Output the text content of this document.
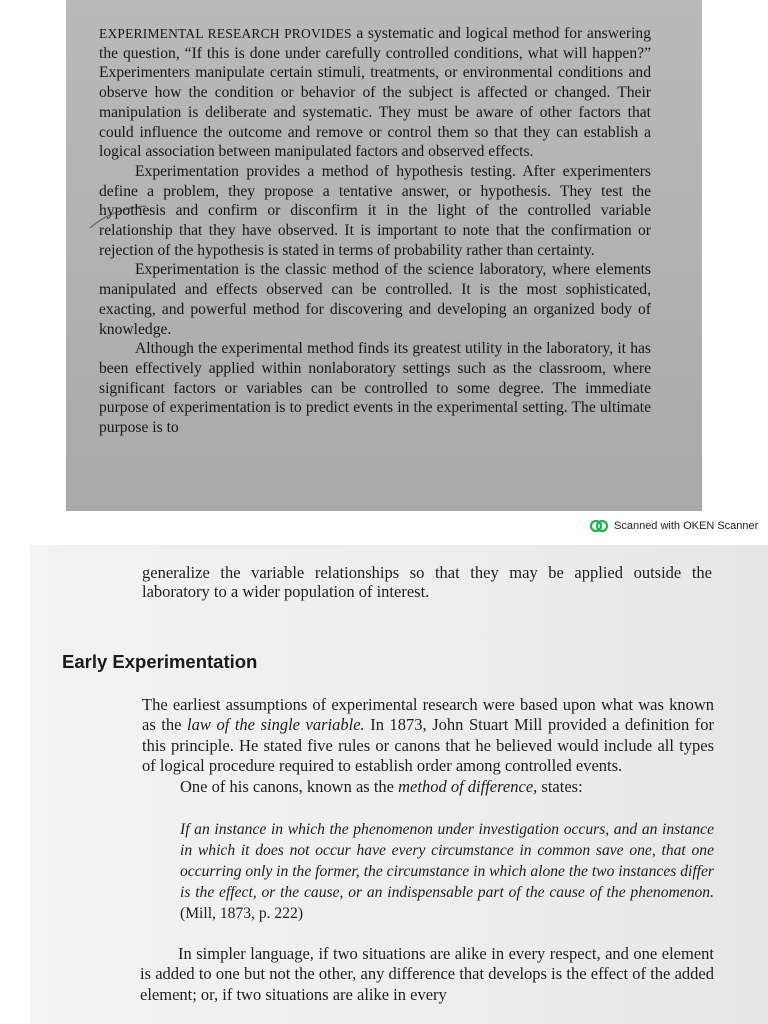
EXPERIMENTAL RESEARCH PROVIDES a systematic and logical method for answering the question, “If this is done under carefully controlled conditions, what will happen?” Experimenters manipulate certain stimuli, treatments, or environmental conditions and observe how the condition or behavior of the subject is affected or changed. Their manipulation is deliberate and systematic. They must be aware of other factors that could influence the outcome and remove or control them so that they can establish a logical association between manipulated factors and observed effects.

Experimentation provides a method of hypothesis testing. After experimenters define a problem, they propose a tentative answer, or hypothesis. They test the hypothesis and confirm or disconfirm it in the light of the controlled variable relationship that they have observed. It is important to note that the confirmation or rejection of the hypothesis is stated in terms of probability rather than certainty.

Experimentation is the classic method of the science laboratory, where elements manipulated and effects observed can be controlled. It is the most sophisticated, exacting, and powerful method for discovering and developing an organized body of knowledge.

Although the experimental method finds its greatest utility in the laboratory, it has been effectively applied within nonlaboratory settings such as the classroom, where significant factors or variables can be controlled to some degree. The immediate purpose of experimentation is to predict events in the experimental setting. The ultimate purpose is to

Scanned with OKEN Scanner

generalize the variable relationships so that they may be applied outside the laboratory to a wider population of interest.

Early Experimentation

The earliest assumptions of experimental research were based upon what was known as the law of the single variable. In 1873, John Stuart Mill provided a definition for this principle. He stated five rules or canons that he believed would include all types of logical procedure required to establish order among controlled events.

One of his canons, known as the method of difference, states:

If an instance in which the phenomenon under investigation occurs, and an instance in which it does not occur have every circumstance in common save one, that one occurring only in the former, the circumstance in which alone the two instances differ is the effect, or the cause, or an indispensable part of the cause of the phenomenon. (Mill, 1873, p. 222)

In simpler language, if two situations are alike in every respect, and one element is added to one but not the other, any difference that develops is the effect of the added element; or, if two situations are alike in every
